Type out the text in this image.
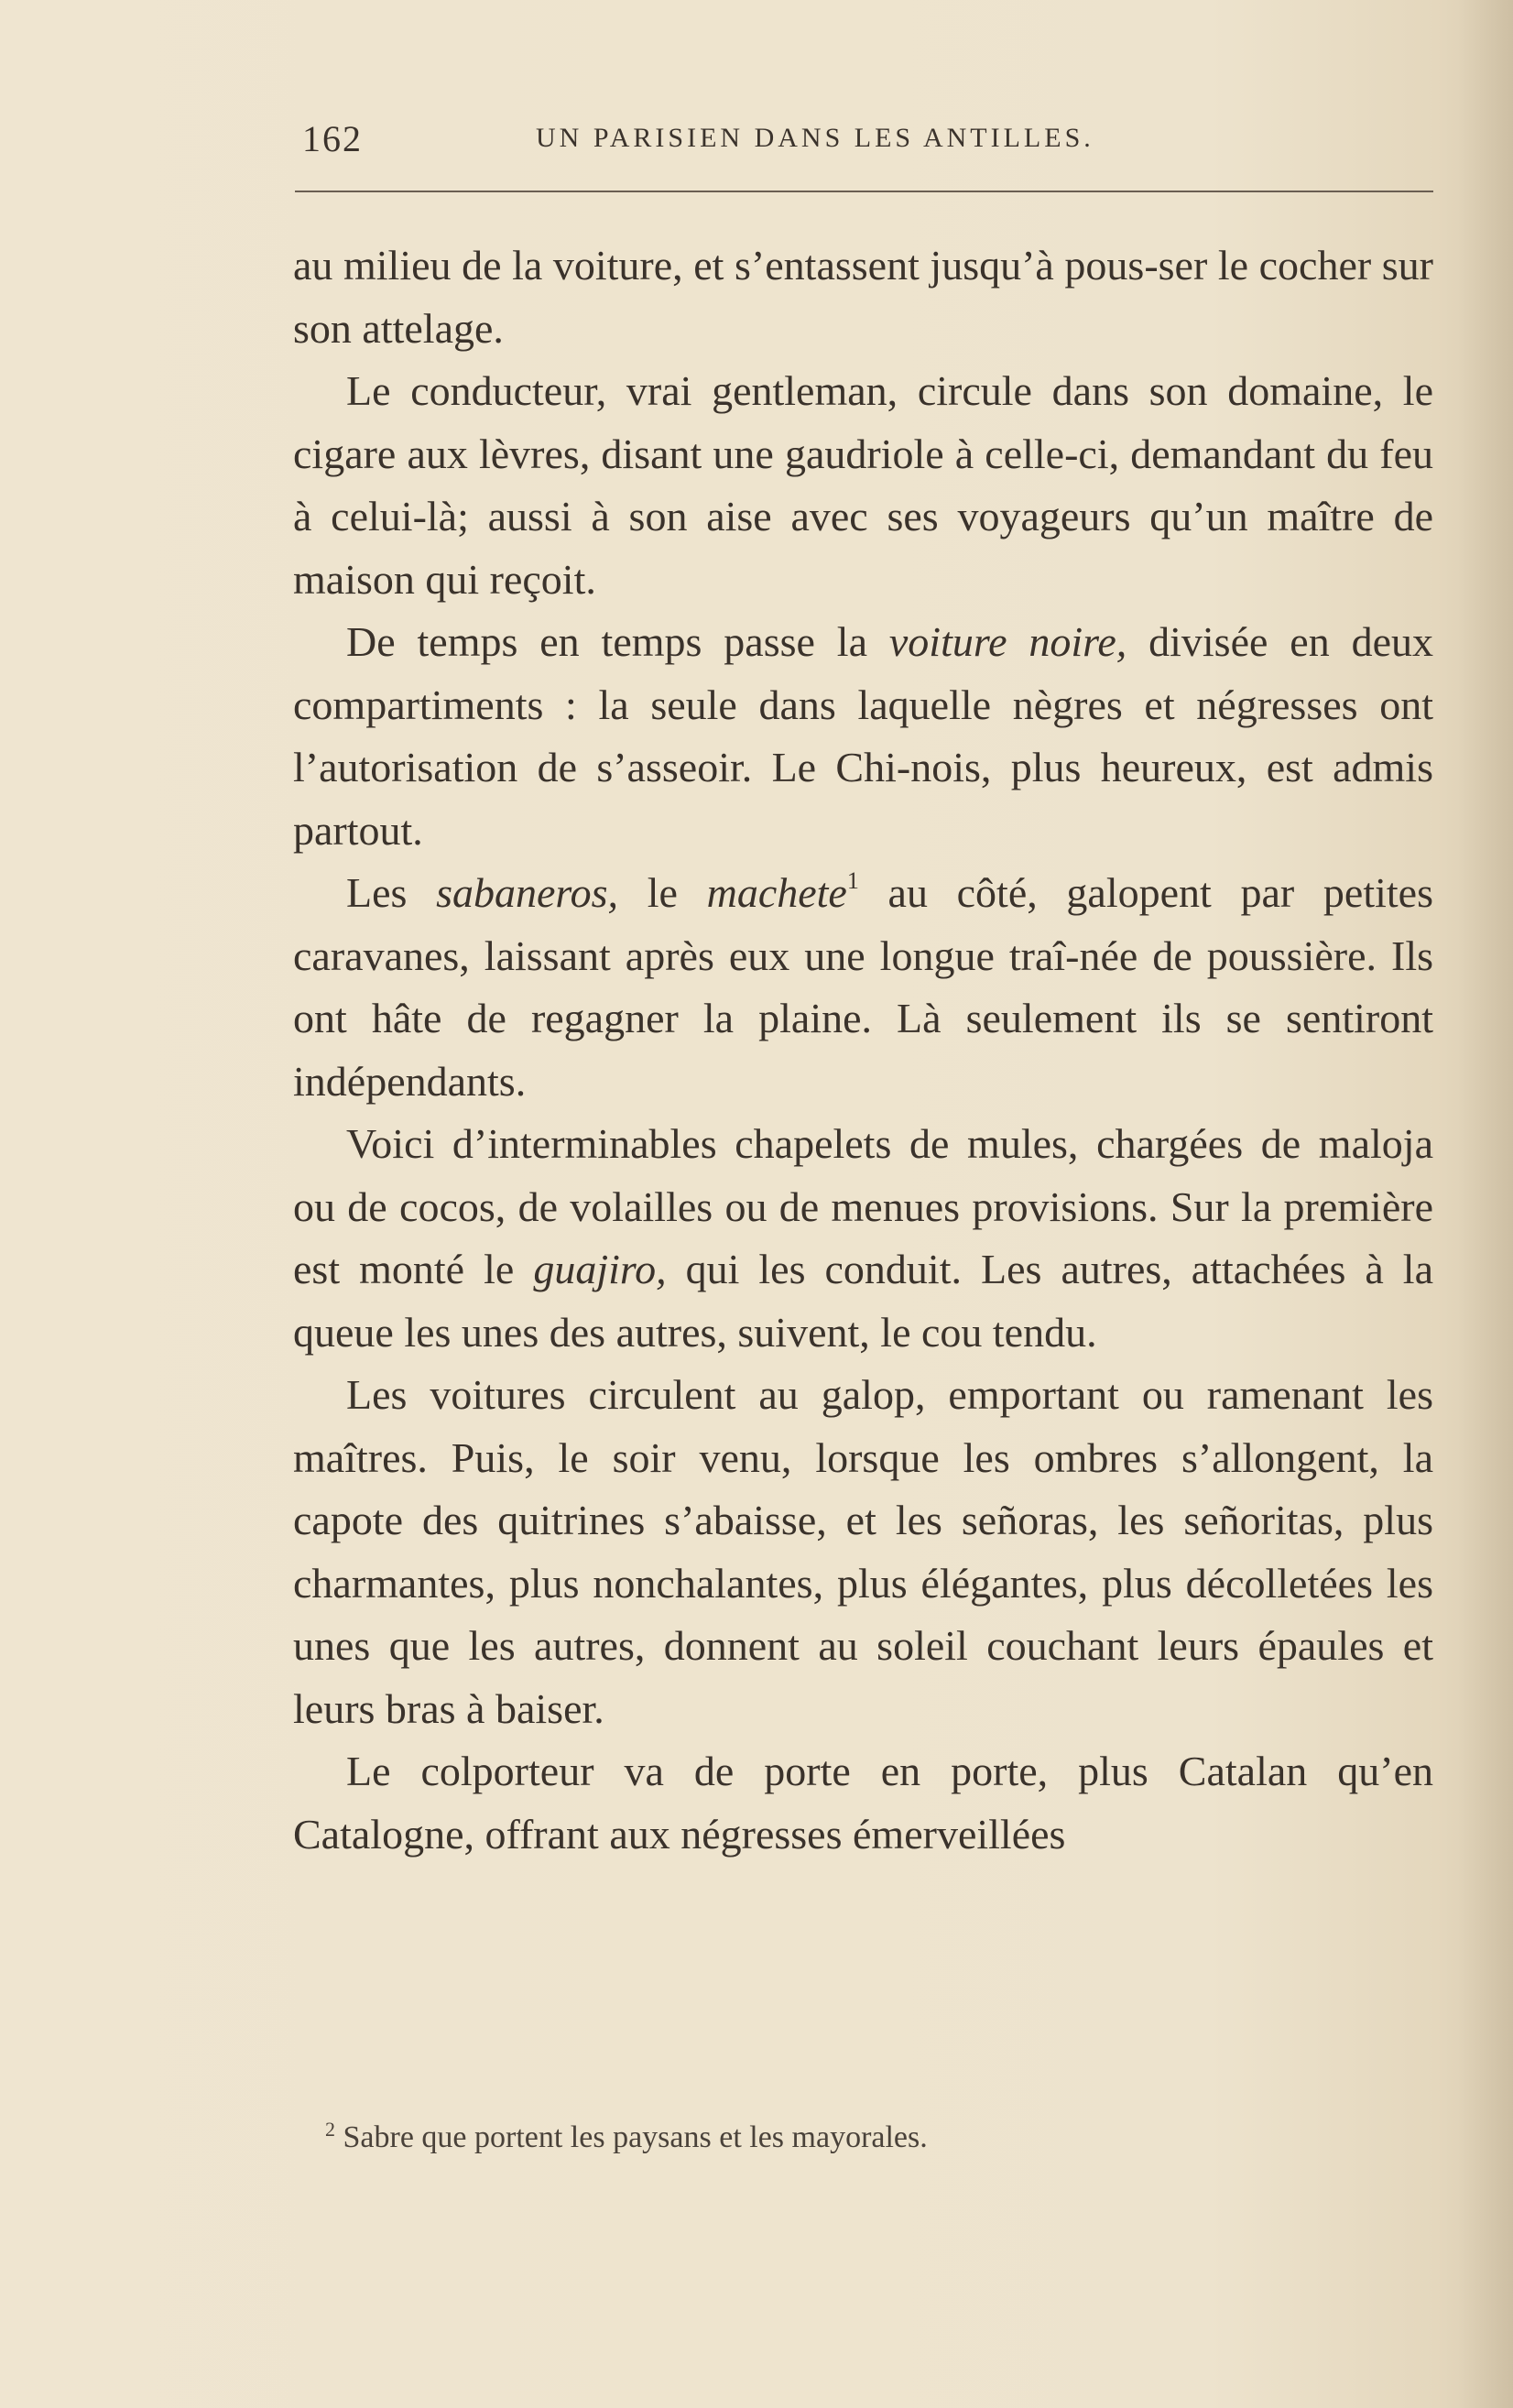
162	UN PARISIEN DANS LES ANTILLES.

au milieu de la voiture, et s’entassent jusqu’à pous-ser le cocher sur son attelage.

Le conducteur, vrai gentleman, circule dans son domaine, le cigare aux lèvres, disant une gaudriole à celle-ci, demandant du feu à celui-là; aussi à son aise avec ses voyageurs qu’un maître de maison qui reçoit.

De temps en temps passe la voiture noire, divisée en deux compartiments : la seule dans laquelle nègres et négresses ont l’autorisation de s’asseoir. Le Chi-nois, plus heureux, est admis partout.

Les sabaneros, le machete$^1$ au côté, galopent par petites caravanes, laissant après eux une longue traî-née de poussière. Ils ont hâte de regagner la plaine. Là seulement ils se sentiront indépendants.

Voici d’interminables chapelets de mules, chargées de maloja ou de cocos, de volailles ou de menues provisions. Sur la première est monté le guajiro, qui les conduit. Les autres, attachées à la queue les unes des autres, suivent, le cou tendu.

Les voitures circulent au galop, emportant ou ramenant les maîtres. Puis, le soir venu, lorsque les ombres s’allongent, la capote des quitrines s’abaisse, et les señoras, les señoritas, plus charmantes, plus nonchalantes, plus élégantes, plus décolletées les unes que les autres, donnent au soleil couchant leurs épaules et leurs bras à baiser.

Le colporteur va de porte en porte, plus Catalan qu’en Catalogne, offrant aux négresses émerveillées

$^2$ Sabre que portent les paysans et les mayorales.
